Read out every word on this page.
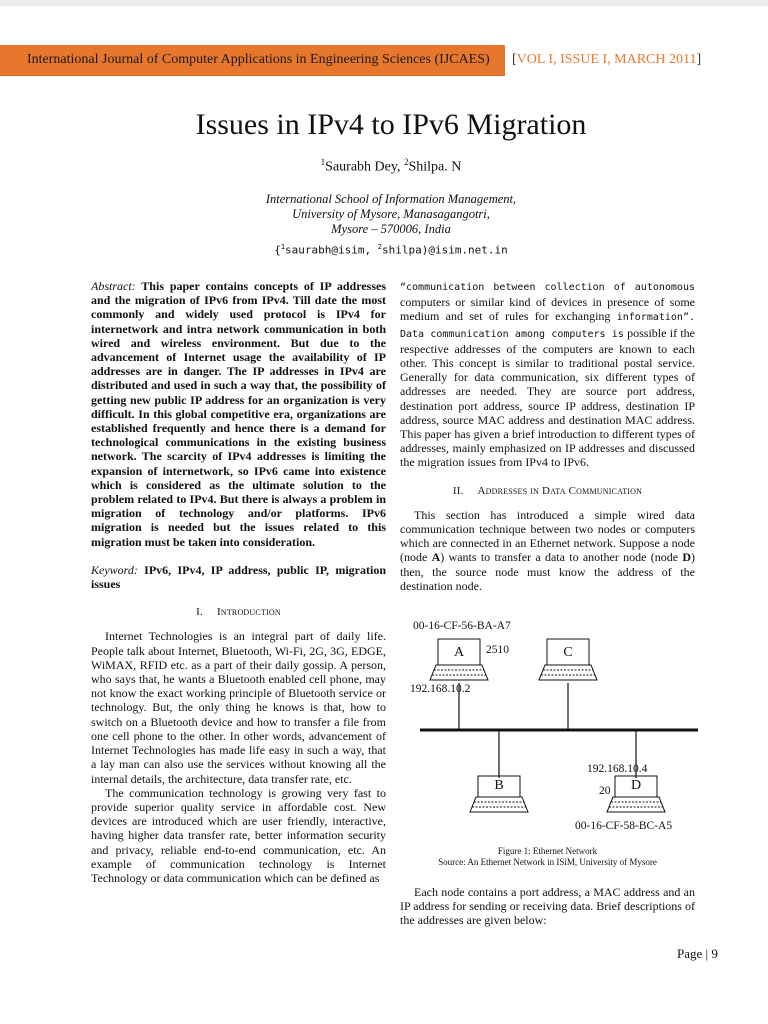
International Journal of Computer Applications in Engineering Sciences (IJCAES) [VOL I, ISSUE I, MARCH 2011]
Issues in IPv4 to IPv6 Migration
$^1$Saurabh Dey, $^2$Shilpa. N
International School of Information Management,
University of Mysore, Manasagangotri,
Mysore – 570006, India
{$^1$saurabh@isim, $^2$shilpa)@isim.net.in

Abstract: This paper contains concepts of IP addresses and the migration of IPv6 from IPv4. Till date the most commonly and widely used protocol is IPv4 for internetwork and intra network communication in both wired and wireless environment. But due to the advancement of Internet usage the availability of IP addresses are in danger. The IP addresses in IPv4 are distributed and used in such a way that, the possibility of getting new public IP address for an organization is very difficult. In this global competitive era, organizations are established frequently and hence there is a demand for technological communications in the existing business network. The scarcity of IPv4 addresses is limiting the expansion of internetwork, so IPv6 came into existence which is considered as the ultimate solution to the problem related to IPv4. But there is always a problem in migration of technology and/or platforms. IPv6 migration is needed but the issues related to this migration must be taken into consideration.

Keyword: IPv6, IPv4, IP address, public IP, migration issues

I. Introduction

Internet Technologies is an integral part of daily life. People talk about Internet, Bluetooth, Wi-Fi, 2G, 3G, EDGE, WiMAX, RFID etc. as a part of their daily gossip. A person, who says that, he wants a Bluetooth enabled cell phone, may not know the exact working principle of Bluetooth service or technology. But, the only thing he knows is that, how to switch on a Bluetooth device and how to transfer a file from one cell phone to the other. In other words, advancement of Internet Technologies has made life easy in such a way, that a lay man can also use the services without knowing all the internal details, the architecture, data transfer rate, etc.

The communication technology is growing very fast to provide superior quality service in affordable cost. New devices are introduced which are user friendly, interactive, having higher data transfer rate, better information security and privacy, reliable end-to-end communication, etc. An example of communication technology is Internet Technology or data communication which can be defined as

“communication between collection of autonomous computers or similar kind of devices in presence of some medium and set of rules for exchanging information”. Data communication among computers is possible if the respective addresses of the computers are known to each other. This concept is similar to traditional postal service. Generally for data communication, six different types of addresses are needed. They are source port address, destination port address, source IP address, destination IP address, source MAC address and destination MAC address. This paper has given a brief introduction to different types of addresses, mainly emphasized on IP addresses and discussed the migration issues from IPv4 to IPv6.

II. Addresses in Data Communication

This section has introduced a simple wired data communication technique between two nodes or computers which are connected in an Ethernet network. Suppose a node (node A) wants to transfer a data to another node (node D) then, the source node must know the address of the destination node.

00-16-CF-56-BA-A7
2510
192.168.10.2
A	C
B	D
192.168.10.4
20
00-16-CF-58-BC-A5
Figure 1: Ethernet Network
Source: An Ethernet Network in ISiM, University of Mysore

Each node contains a port address, a MAC address and an IP address for sending or receiving data. Brief descriptions of the addresses are given below:

Page | 9
